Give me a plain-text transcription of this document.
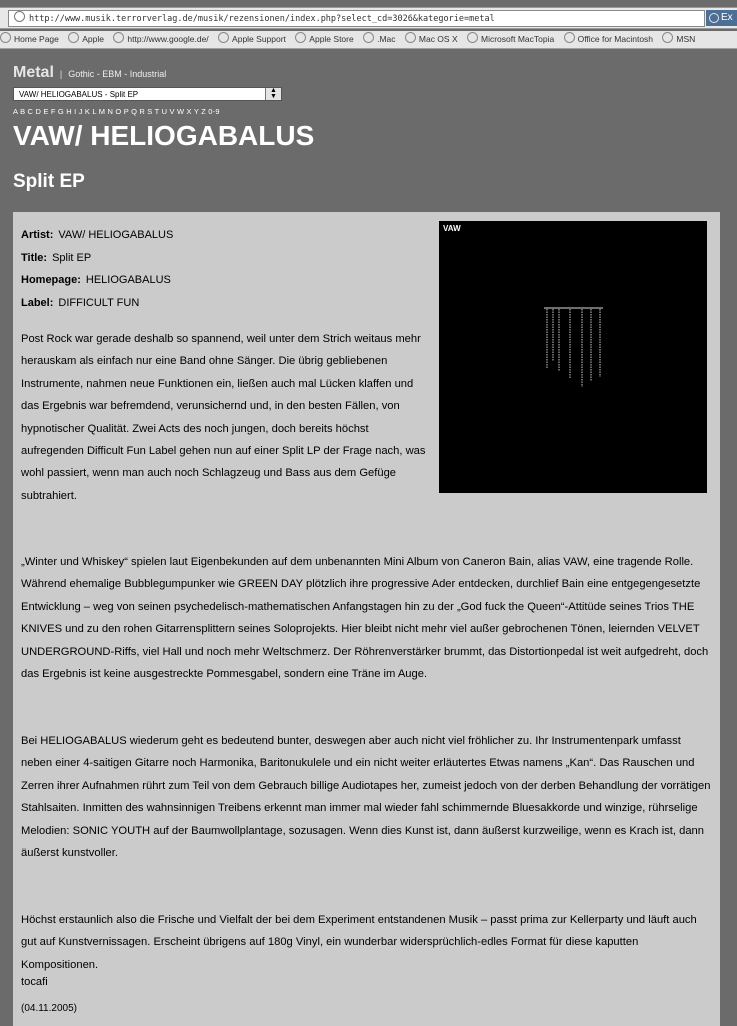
http://www.musik.terrorverlag.de/musik/rezensionen/index.php?select_cd=3026&kategorie=metal	Ex
Home Page	Apple	http://www.google.de/	Apple Support	Apple Store	.Mac	Mac OS X	Microsoft MacTopia	Office for Macintosh	MSN
Metal | Gothic - EBM - Industrial
VAW/ HELIOGABALUS - Split EP	▲
▼
A B C D E F G H I J K L M N O P Q R S T U V W X Y Z 0-9
VAW/ HELIOGABALUS
Split EP
Artist: VAW/ HELIOGABALUS
Title: Split EP
Homepage: HELIOGABALUS
Label: DIFFICULT FUN
VAW

Post Rock war gerade deshalb so spannend, weil unter dem Strich weitaus mehr herauskam als einfach nur eine Band ohne Sänger. Die übrig gebliebenen Instrumente, nahmen neue Funktionen ein, ließen auch mal Lücken klaffen und das Ergebnis war befremdend, verunsichernd und, in den besten Fällen, von hypnotischer Qualität. Zwei Acts des noch jungen, doch bereits höchst aufregenden Difficult Fun Label gehen nun auf einer Split LP der Frage nach, was wohl passiert, wenn man auch noch Schlagzeug und Bass aus dem Gefüge subtrahiert.

„Winter und Whiskey“ spielen laut Eigenbekunden auf dem unbenannten Mini Album von Caneron Bain, alias VAW, eine tragende Rolle. Während ehemalige Bubblegumpunker wie GREEN DAY plötzlich ihre progressive Ader entdecken, durchlief Bain eine entgegengesetzte Entwicklung – weg von seinen psychedelisch-mathematischen Anfangstagen hin zu der „God fuck the Queen“-Attitüde seines Trios THE KNIVES und zu den rohen Gitarrensplittern seines Soloprojekts. Hier bleibt nicht mehr viel außer gebrochenen Tönen, leiernden VELVET UNDERGROUND-Riffs, viel Hall und noch mehr Weltschmerz. Der Röhrenverstärker brummt, das Distortionpedal ist weit aufgedreht, doch das Ergebnis ist keine ausgestreckte Pommesgabel, sondern eine Träne im Auge.

Bei HELIOGABALUS wiederum geht es bedeutend bunter, deswegen aber auch nicht viel fröhlicher zu. Ihr Instrumentenpark umfasst neben einer 4-saitigen Gitarre noch Harmonika, Baritonukulele und ein nicht weiter erläutertes Etwas namens „Kan“. Das Rauschen und Zerren ihrer Aufnahmen rührt zum Teil von dem Gebrauch billige Audiotapes her, zumeist jedoch von der derben Behandlung der vorrätigen Stahlsaiten. Inmitten des wahnsinnigen Treibens erkennt man immer mal wieder fahl schimmernde Bluesakkorde und winzige, rührselige Melodien: SONIC YOUTH auf der Baumwollplantage, sozusagen. Wenn dies Kunst ist, dann äußerst kurzweilige, wenn es Krach ist, dann äußerst kunstvoller.

Höchst erstaunlich also die Frische und Vielfalt der bei dem Experiment entstandenen Musik – passt prima zur Kellerparty und läuft auch gut auf Kunstvernissagen. Erscheint übrigens auf 180g Vinyl, ein wunderbar widersprüchlich-edles Format für diese kaputten Kompositionen.

tocafi
(04.11.2005)
